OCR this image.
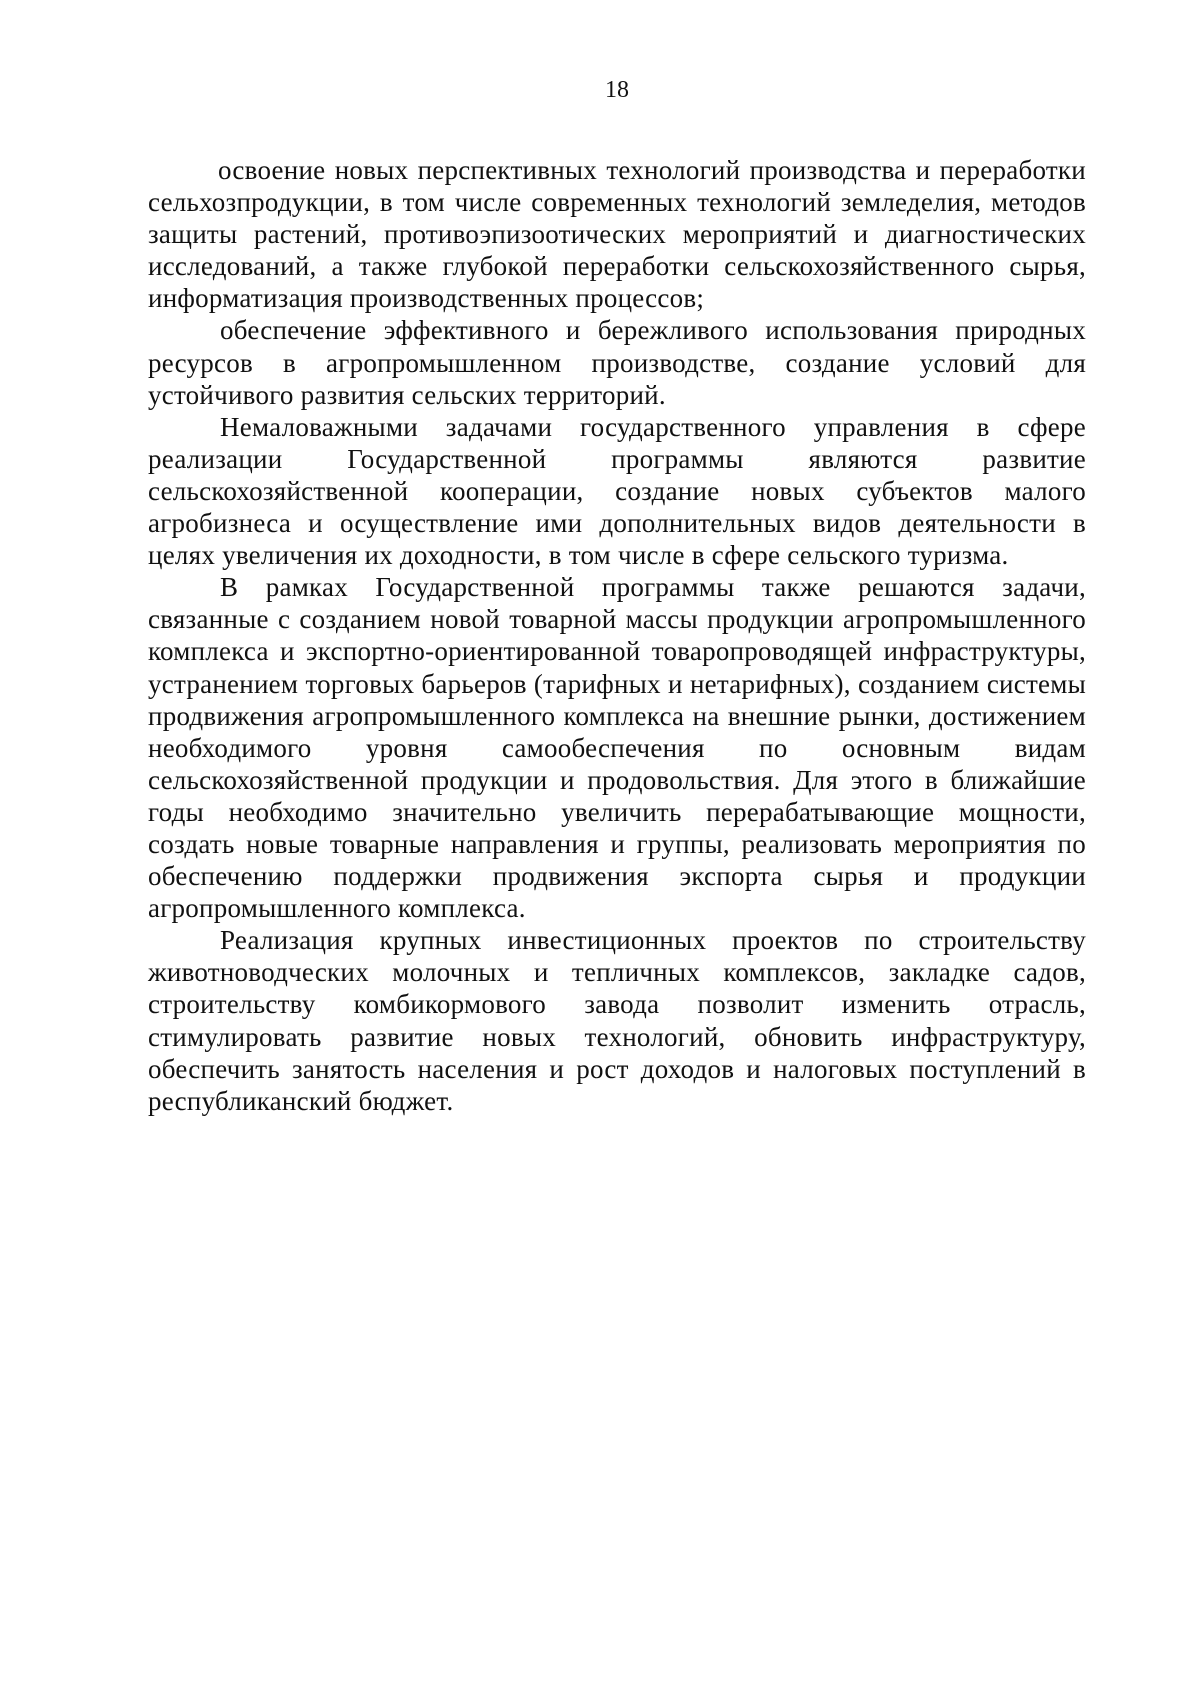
18

освоение новых перспективных технологий производства и переработки сельхозпродукции, в том числе современных технологий земледелия, методов защиты растений, противоэпизоотических мероприятий и диагностических исследований, а также глубокой переработки сельскохозяйственного сырья, информатизация производственных процессов;

обеспечение эффективного и бережливого использования природных ресурсов в агропромышленном производстве, создание условий для устойчивого развития сельских территорий.

Немаловажными задачами государственного управления в сфере реализации Государственной программы являются развитие сельскохозяйственной кооперации, создание новых субъектов малого агробизнеса и осуществление ими дополнительных видов деятельности в целях увеличения их доходности, в том числе в сфере сельского туризма.

В рамках Государственной программы также решаются задачи, связанные с созданием новой товарной массы продукции агропромышленного комплекса и экспортно-ориентированной товаропроводящей инфраструктуры, устранением торговых барьеров (тарифных и нетарифных), созданием системы продвижения агропромышленного комплекса на внешние рынки, достижением необходимого уровня самообеспечения по основным видам сельскохозяйственной продукции и продовольствия. Для этого в ближайшие годы необходимо значительно увеличить перерабатывающие мощности, создать новые товарные направления и группы, реализовать мероприятия по обеспечению поддержки продвижения экспорта сырья и продукции агропромышленного комплекса.

Реализация крупных инвестиционных проектов по строительству животноводческих молочных и тепличных комплексов, закладке садов, строительству комбикормового завода позволит изменить отрасль, стимулировать развитие новых технологий, обновить инфраструктуру, обеспечить занятость населения и рост доходов и налоговых поступлений в республиканский бюджет.
